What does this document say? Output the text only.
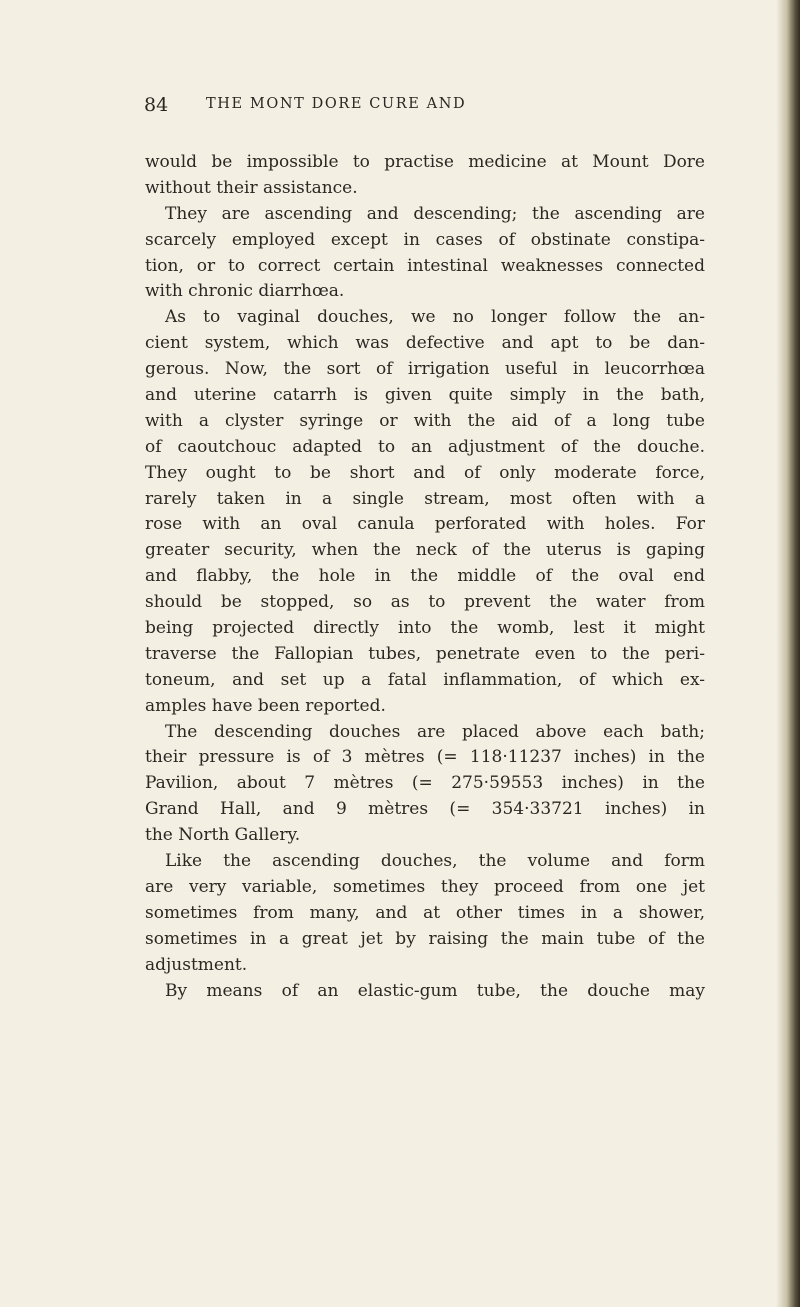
84	THE MONT DORE CURE AND
would be impossible to practise medicine at Mount Dore
without their assistance.
They are ascending and descending; the ascending are
scarcely employed except in cases of obstinate constipa-
tion, or to correct certain intestinal weaknesses connected
with chronic diarrhœa.
As to vaginal douches, we no longer follow the an-
cient system, which was defective and apt to be dan-
gerous. Now, the sort of irrigation useful in leucorrhœa
and uterine catarrh is given quite simply in the bath,
with a clyster syringe or with the aid of a long tube
of caoutchouc adapted to an adjustment of the douche.
They ought to be short and of only moderate force,
rarely taken in a single stream, most often with a
rose with an oval canula perforated with holes. For
greater security, when the neck of the uterus is gaping
and flabby, the hole in the middle of the oval end
should be stopped, so as to prevent the water from
being projected directly into the womb, lest it might
traverse the Fallopian tubes, penetrate even to the peri-
toneum, and set up a fatal inflammation, of which ex-
amples have been reported.
The descending douches are placed above each bath;
their pressure is of 3 mètres (= 118·11237 inches) in the
Pavilion, about 7 mètres (= 275·59553 inches) in the
Grand Hall, and 9 mètres (= 354·33721 inches) in
the North Gallery.
Like the ascending douches, the volume and form
are very variable, sometimes they proceed from one jet
sometimes from many, and at other times in a shower,
sometimes in a great jet by raising the main tube of the
adjustment.
By means of an elastic-gum tube, the douche may
